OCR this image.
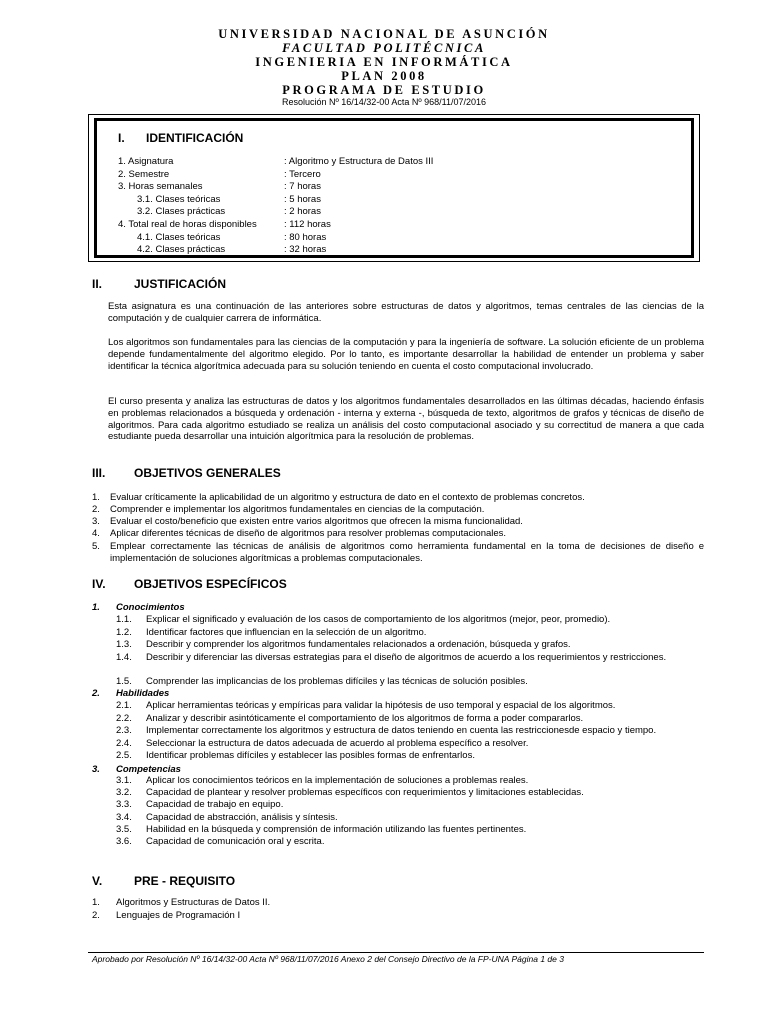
UNIVERSIDAD NACIONAL DE ASUNCIÓN
FACULTAD POLITÉCNICA
INGENIERIA EN INFORMÁTICA
PLAN 2008
PROGRAMA DE ESTUDIO
Resolución Nº 16/14/32-00 Acta Nº 968/11/07/2016
I. IDENTIFICACIÓN
1. Asignatura	: Algoritmo y Estructura de Datos III
2. Semestre	: Tercero
3. Horas semanales	: 7 horas
3.1. Clases teóricas	: 5 horas
3.2. Clases prácticas	: 2 horas
4. Total real de horas disponibles	: 112 horas
4.1. Clases teóricas	: 80 horas
4.2. Clases prácticas	: 32 horas
II.	JUSTIFICACIÓN

Esta asignatura es una continuación de las anteriores sobre estructuras de datos y algoritmos, temas centrales de las ciencias de la computación y de cualquier carrera de informática.

Los algoritmos son fundamentales para las ciencias de la computación y para la ingeniería de software. La solución eficiente de un problema depende fundamentalmente del algoritmo elegido. Por lo tanto, es importante desarrollar la habilidad de entender un problema y saber identificar la técnica algorítmica adecuada para su solución teniendo en cuenta el costo computacional involucrado.

El curso presenta y analiza las estructuras de datos y los algoritmos fundamentales desarrollados en las últimas décadas, haciendo énfasis en problemas relacionados a búsqueda y ordenación - interna y externa -, búsqueda de texto, algoritmos de grafos y técnicas de diseño de algoritmos. Para cada algoritmo estudiado se realiza un análisis del costo computacional asociado y su correctitud de manera a que cada estudiante pueda desarrollar una intuición algorítmica para la resolución de problemas.

III. OBJETIVOS GENERALES
1. Evaluar críticamente la aplicabilidad de un algoritmo y estructura de dato en el contexto de problemas concretos.
2. Comprender e implementar los algoritmos fundamentales en ciencias de la computación.
3. Evaluar el costo/beneficio que existen entre varios algoritmos que ofrecen la misma funcionalidad.
4. Aplicar diferentes técnicas de diseño de algoritmos para resolver problemas computacionales.
5. Emplear correctamente las técnicas de análisis de algoritmos como herramienta fundamental en la toma de decisiones de diseño e implementación de soluciones algorítmicas a problemas computacionales.
IV. OBJETIVOS ESPECÍFICOS
1. Conocimientos
1.1. Explicar el significado y evaluación de los casos de comportamiento de los algoritmos (mejor, peor, promedio).
1.2. Identificar factores que influencian en la selección de un algoritmo.
1.3. Describir y comprender los algoritmos fundamentales relacionados a ordenación, búsqueda y grafos.
1.4. Describir y diferenciar las diversas estrategias para el diseño de algoritmos de acuerdo a los requerimientos y restricciones.
1.5. Comprender las implicancias de los problemas difíciles y las técnicas de solución posibles.
2. Habilidades
2.1. Aplicar herramientas teóricas y empíricas para validar la hipótesis de uso temporal y espacial de los algoritmos.
2.2. Analizar y describir asintóticamente el comportamiento de los algoritmos de forma a poder compararlos.
2.3. Implementar correctamente los algoritmos y estructura de datos teniendo en cuenta las restriccionesde espacio y tiempo.
2.4. Seleccionar la estructura de datos adecuada de acuerdo al problema específico a resolver.
2.5. Identificar problemas difíciles y establecer las posibles formas de enfrentarlos.
3. Competencias
3.1. Aplicar los conocimientos teóricos en la implementación de soluciones a problemas reales.
3.2. Capacidad de plantear y resolver problemas específicos con requerimientos y limitaciones establecidas.
3.3. Capacidad de trabajo en equipo.
3.4. Capacidad de abstracción, análisis y síntesis.
3.5. Habilidad en la búsqueda y comprensión de información utilizando las fuentes pertinentes.
3.6. Capacidad de comunicación oral y escrita.
V.	PRE - REQUISITO
1. Algoritmos y Estructuras de Datos II.
2. Lenguajes de Programación I
Aprobado por Resolución Nº 16/14/32-00 Acta Nº 968/11/07/2016 Anexo 2 del Consejo Directivo de la FP-UNA Página 1 de 3
